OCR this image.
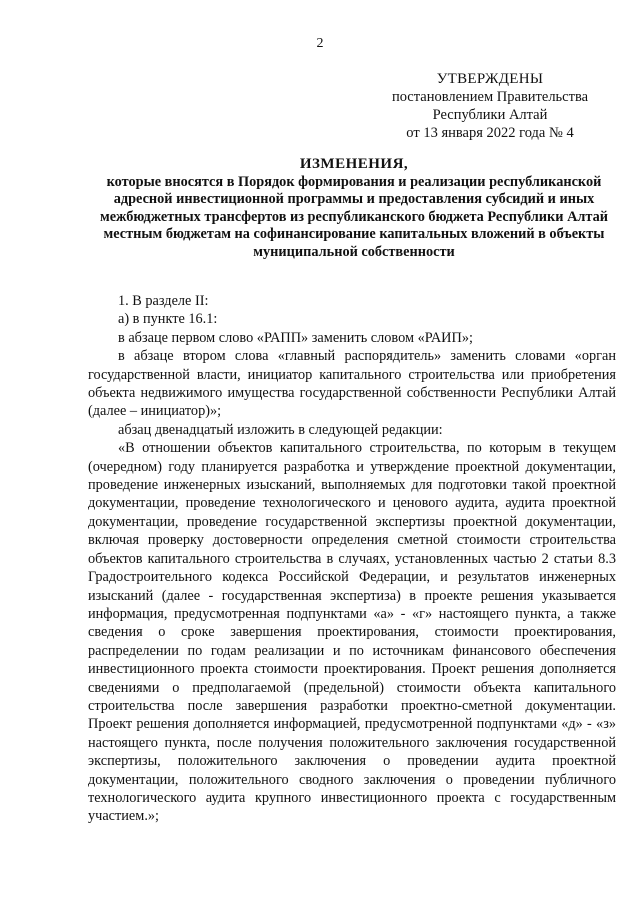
2
УТВЕРЖДЕНЫ
постановлением Правительства
Республики Алтай
от 13 января 2022 года № 4
ИЗМЕНЕНИЯ,
которые вносятся в Порядок формирования и реализации республиканской адресной инвестиционной программы и предоставления субсидий и иных межбюджетных трансфертов из республиканского бюджета Республики Алтай местным бюджетам на софинансирование капитальных вложений в объекты муниципальной собственности

1. В разделе II:

а) в пункте 16.1:

в абзаце первом слово «РАПП» заменить словом «РАИП»;

в абзаце втором слова «главный распорядитель» заменить словами «орган государственной власти, инициатор капитального строительства или приобретения объекта недвижимого имущества государственной собственности Республики Алтай (далее – инициатор)»;

абзац двенадцатый изложить в следующей редакции:

«В отношении объектов капитального строительства, по которым в текущем (очередном) году планируется разработка и утверждение проектной документации, проведение инженерных изысканий, выполняемых для подготовки такой проектной документации, проведение технологического и ценового аудита, аудита проектной документации, проведение государственной экспертизы проектной документации, включая проверку достоверности определения сметной стоимости строительства объектов капитального строительства в случаях, установленных частью 2 статьи 8.3 Градостроительного кодекса Российской Федерации, и результатов инженерных изысканий (далее - государственная экспертиза) в проекте решения указывается информация, предусмотренная подпунктами «а» - «г» настоящего пункта, а также сведения о сроке завершения проектирования, стоимости проектирования, распределении по годам реализации и по источникам финансового обеспечения инвестиционного проекта стоимости проектирования. Проект решения дополняется сведениями о предполагаемой (предельной) стоимости объекта капитального строительства после завершения разработки проектно-сметной документации. Проект решения дополняется информацией, предусмотренной подпунктами «д» - «з» настоящего пункта, после получения положительного заключения государственной экспертизы, положительного заключения о проведении аудита проектной документации, положительного сводного заключения о проведении публичного технологического аудита крупного инвестиционного проекта с государственным участием.»;
